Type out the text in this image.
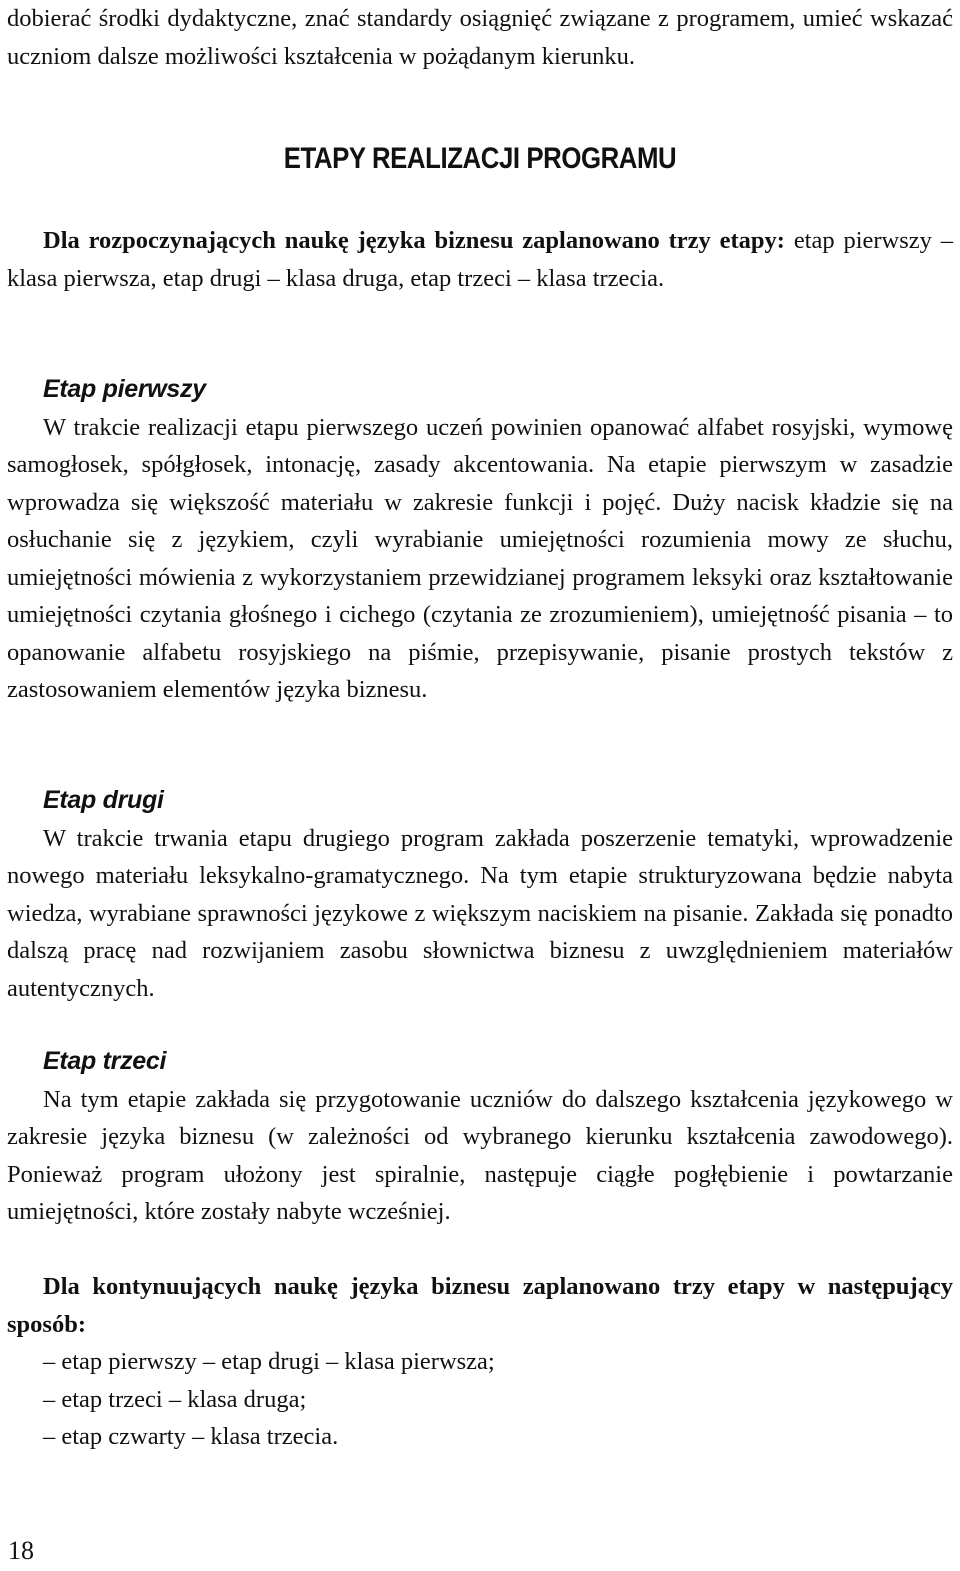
dobierać środki dydaktyczne, znać standardy osiągnięć związane z programem, umieć wskazać uczniom dalsze możliwości kształcenia w pożądanym kierunku.

ETAPY REALIZACJI PROGRAMU

Dla rozpoczynających naukę języka biznesu zaplanowano trzy etapy: etap pierwszy – klasa pierwsza, etap drugi – klasa druga, etap trzeci – klasa trzecia.

Etap pierwszy

W trakcie realizacji etapu pierwszego uczeń powinien opanować alfabet rosyjski, wymowę samogłosek, spółgłosek, intonację, zasady akcentowania. Na etapie pierwszym w zasadzie wprowadza się większość materiału w zakresie funkcji i pojęć. Duży nacisk kładzie się na osłuchanie się z językiem, czyli wyrabianie umiejętności rozumienia mowy ze słuchu, umiejętności mówienia z wykorzystaniem przewidzianej programem leksyki oraz kształtowanie umiejętności czytania głośnego i cichego (czytania ze zrozumieniem), umiejętność pisania – to opanowanie alfabetu rosyjskiego na piśmie, przepisywanie, pisanie prostych tekstów z zastosowaniem elementów języka biznesu.

Etap drugi

W trakcie trwania etapu drugiego program zakłada poszerzenie tematyki, wprowadzenie nowego materiału leksykalno-gramatycznego. Na tym etapie strukturyzowana będzie nabyta wiedza, wyrabiane sprawności językowe z większym naciskiem na pisanie. Zakłada się ponadto dalszą pracę nad rozwijaniem zasobu słownictwa biznesu z uwzględnieniem materiałów autentycznych.

Etap trzeci

Na tym etapie zakłada się przygotowanie uczniów do dalszego kształcenia językowego w zakresie języka biznesu (w zależności od wybranego kierunku kształcenia zawodowego). Ponieważ program ułożony jest spiralnie, następuje ciągłe pogłębienie i powtarzanie umiejętności, które zostały nabyte wcześniej.

Dla kontynuujących naukę języka biznesu zaplanowano trzy etapy w następujący sposób:

– etap pierwszy – etap drugi – klasa pierwsza;
– etap trzeci – klasa druga;
– etap czwarty – klasa trzecia.

18
